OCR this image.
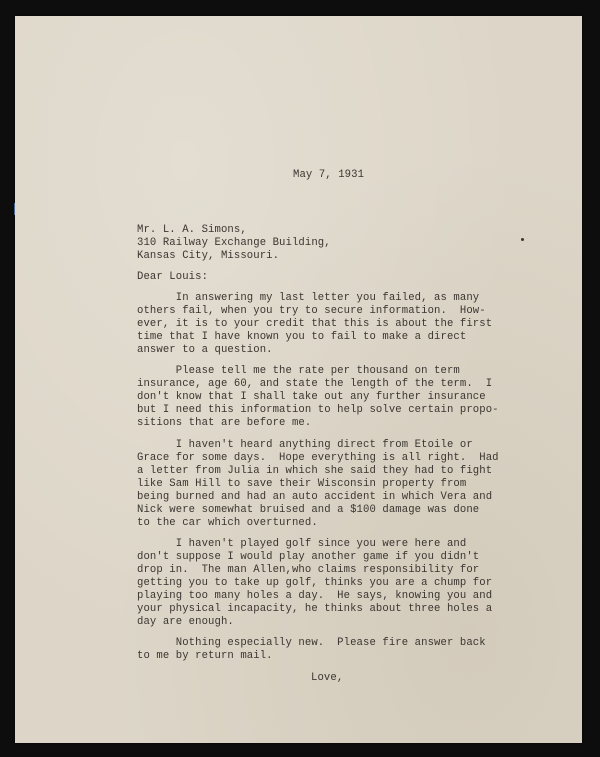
May 7, 1931
Mr. L. A. Simons,
310 Railway Exchange Building,
Kansas City, Missouri.
Dear Louis:
In answering my last letter you failed, as many
others fail, when you try to secure information.  How-
ever, it is to your credit that this is about the first
time that I have known you to fail to make a direct
answer to a question.
Please tell me the rate per thousand on term
insurance, age 60, and state the length of the term.  I
don't know that I shall take out any further insurance
but I need this information to help solve certain propo-
sitions that are before me.
I haven't heard anything direct from Etoile or
Grace for some days.  Hope everything is all right.  Had
a letter from Julia in which she said they had to fight
like Sam Hill to save their Wisconsin property from
being burned and had an auto accident in which Vera and
Nick were somewhat bruised and a $100 damage was done
to the car which overturned.
I haven't played golf since you were here and
don't suppose I would play another game if you didn't
drop in.  The man Allen,who claims responsibility for
getting you to take up golf, thinks you are a chump for
playing too many holes a day.  He says, knowing you and
your physical incapacity, he thinks about three holes a
day are enough.
Nothing especially new.  Please fire answer back
to me by return mail.
Love,
